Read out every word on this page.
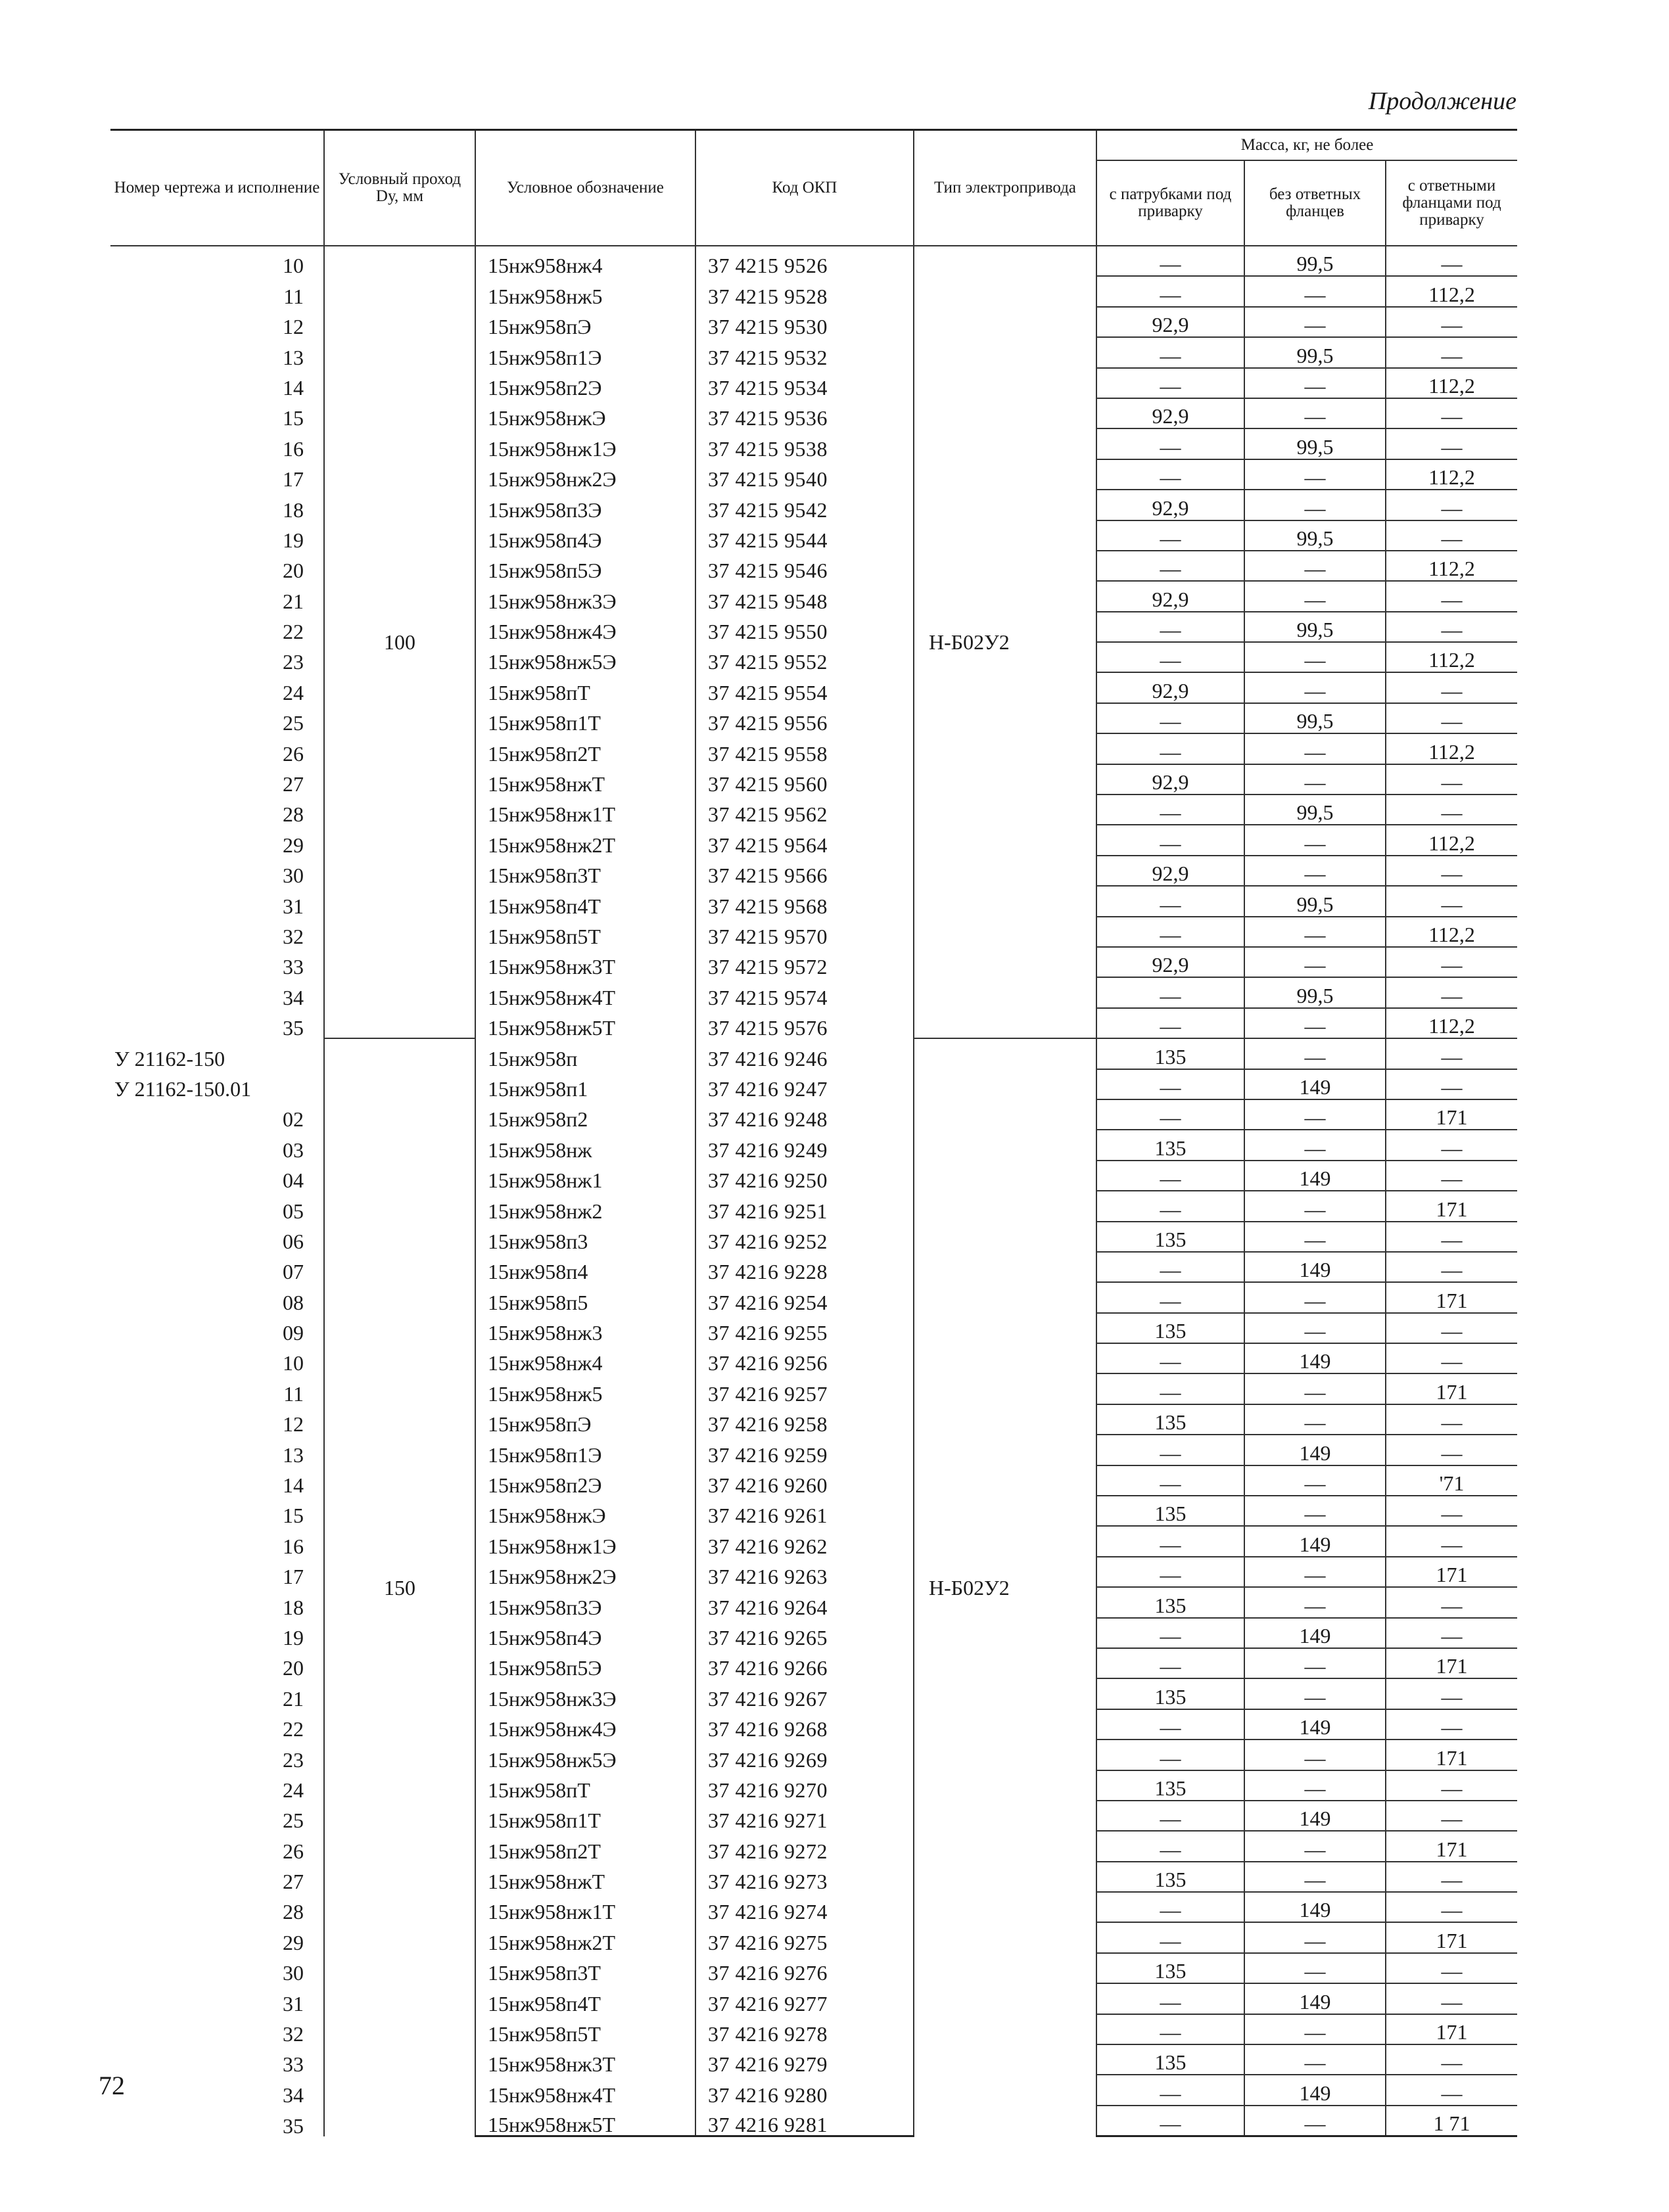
Продолжение
Номер чертежа и исполнение	Условный проход Dу, мм	Условное обозначение	Код ОКП	Тип электропривода	Масса, кг, не более		
					с патрубками под приварку	без ответных фланцев	с ответными фланцами под приварку
10	100	15нж958нж4	37 4215 9526	Н-Б02У2	—	99,5	—
11		15нж958нж5	37 4215 9528		—	—	112,2
12		15нж958пЭ	37 4215 9530		92,9	—	—
13		15нж958п1Э	37 4215 9532		—	99,5	—
14		15нж958п2Э	37 4215 9534		—	—	112,2
15		15нж958нжЭ	37 4215 9536		92,9	—	—
16		15нж958нж1Э	37 4215 9538		—	99,5	—
17		15нж958нж2Э	37 4215 9540		—	—	112,2
18		15нж958п3Э	37 4215 9542		92,9	—	—
19		15нж958п4Э	37 4215 9544		—	99,5	—
20		15нж958п5Э	37 4215 9546		—	—	112,2
21		15нж958нж3Э	37 4215 9548		92,9	—	—
22		15нж958нж4Э	37 4215 9550		—	99,5	—
23		15нж958нж5Э	37 4215 9552		—	—	112,2
24		15нж958пТ	37 4215 9554		92,9	—	—
25		15нж958п1Т	37 4215 9556		—	99,5	—
26		15нж958п2Т	37 4215 9558		—	—	112,2
27		15нж958нжТ	37 4215 9560		92,9	—	—
28		15нж958нж1Т	37 4215 9562		—	99,5	—
29		15нж958нж2Т	37 4215 9564		—	—	112,2
30		15нж958п3Т	37 4215 9566		92,9	—	—
31		15нж958п4Т	37 4215 9568		—	99,5	—
32		15нж958п5Т	37 4215 9570		—	—	112,2
33		15нж958нж3Т	37 4215 9572		92,9	—	—
34		15нж958нж4Т	37 4215 9574		—	99,5	—
35		15нж958нж5Т	37 4215 9576		—	—	112,2
У 21162-150	150	15нж958п	37 4216 9246	Н-Б02У2	135	—	—
У 21162-150.01		15нж958п1	37 4216 9247		—	149	—
02		15нж958п2	37 4216 9248		—	—	171
03		15нж958нж	37 4216 9249		135	—	—
04		15нж958нж1	37 4216 9250		—	149	—
05		15нж958нж2	37 4216 9251		—	—	171
06		15нж958п3	37 4216 9252		135	—	—
07		15нж958п4	37 4216 9228		—	149	—
08		15нж958п5	37 4216 9254		—	—	171
09		15нж958нж3	37 4216 9255		135	—	—
10		15нж958нж4	37 4216 9256		—	149	—
11		15нж958нж5	37 4216 9257		—	—	171
12		15нж958пЭ	37 4216 9258		135	—	—
13		15нж958п1Э	37 4216 9259		—	149	—
14		15нж958п2Э	37 4216 9260		—	—	'71
15		15нж958нжЭ	37 4216 9261		135	—	—
16		15нж958нж1Э	37 4216 9262		—	149	—
17		15нж958нж2Э	37 4216 9263		—	—	171
18		15нж958п3Э	37 4216 9264		135	—	—
19		15нж958п4Э	37 4216 9265		—	149	—
20		15нж958п5Э	37 4216 9266		—	—	171
21		15нж958нж3Э	37 4216 9267		135	—	—
22		15нж958нж4Э	37 4216 9268		—	149	—
23		15нж958нж5Э	37 4216 9269		—	—	171
24		15нж958пТ	37 4216 9270		135	—	—
25		15нж958п1Т	37 4216 9271		—	149	—
26		15нж958п2Т	37 4216 9272		—	—	171
27		15нж958нжТ	37 4216 9273		135	—	—
28		15нж958нж1Т	37 4216 9274		—	149	—
29		15нж958нж2Т	37 4216 9275		—	—	171
30		15нж958п3Т	37 4216 9276		135	—	—
31		15нж958п4Т	37 4216 9277		—	149	—
32		15нж958п5Т	37 4216 9278		—	—	171
33		15нж958нж3Т	37 4216 9279		135	—	—
34		15нж958нж4Т	37 4216 9280		—	149	—
35		15нж958нж5Т	37 4216 9281		—	—	1 71
72
